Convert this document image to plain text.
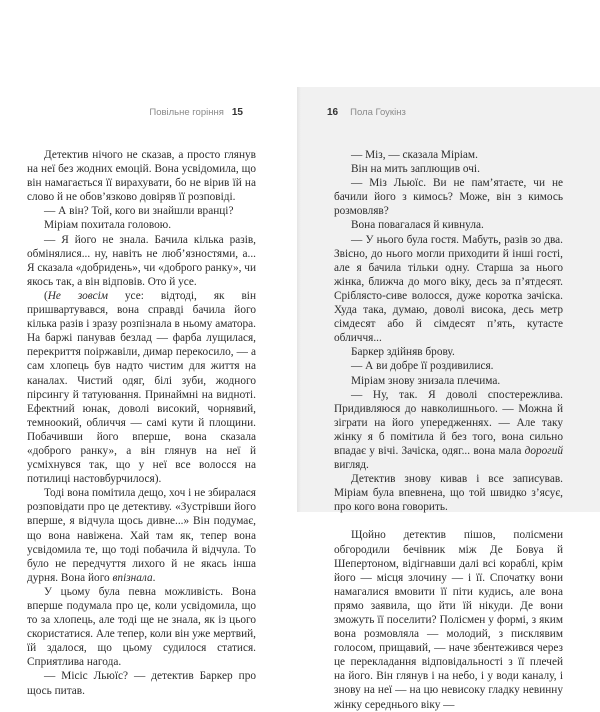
Повільне горіння 15

Детектив нічого не сказав, а просто глянув на неї без жодних емоцій. Вона усвідомила, що він намагається її вирахувати, бо не вірив їй на слово й не обов’язково довіряв її розповіді.

— А він? Той, кого ви знайшли вранці?

Міріам похитала головою.

— Я його не знала. Бачила кілька разів, обмінялися... ну, навіть не люб’язностями, а... Я сказала «добридень», чи «доброго ранку», чи якось так, а він відповів. Ото й усе.

(Не зовсім усе: відтоді, як він пришвартувався, вона справді бачила його кілька разів і зразу розпізнала в ньому аматора. На баржі панував безлад — фарба лущилася, перекриття поіржавіли, димар перекосило, — а сам хлопець був надто чистим для життя на каналах. Чистий одяг, білі зуби, жодного пірсингу й татуювання. Принаймні на видноті. Ефектний юнак, доволі високий, чорнявий, темноокий, обличчя — самі кути й площини. Побачивши його вперше, вона сказала «доброго ранку», а він глянув на неї й усміхнувся так, що у неї все волосся на потилиці настовбурчилося).

Тоді вона помітила дещо, хоч і не збиралася розповідати про це детективу. «Зустрівши його вперше, я відчула щось дивне...» Він подумає, що вона навіжена. Хай там як, тепер вона усвідомила те, що тоді побачила й відчула. То було не передчуття лихого й не якась інша дурня. Вона його впізнала.

У цьому була певна можливість. Вона вперше подумала про це, коли усвідомила, що то за хлопець, але тоді ще не знала, як із цього скористатися. Але тепер, коли він уже мертвий, їй здалося, що цьому судилося статися. Сприятлива нагода.

— Місіс Льюїс? — детектив Баркер про щось питав.

16 Пола Гоукінз

— Міз, — сказала Міріам.

Він на мить заплющив очі.

— Міз Льюїс. Ви не пам’ятаєте, чи не бачили його з кимось? Може, він з кимось розмовляв?

Вона повагалася й кивнула.

— У нього була гостя. Мабуть, разів зо два. Звісно, до нього могли приходити й інші гості, але я бачила тільки одну. Старша за нього жінка, ближча до мого віку, десь за п’ятдесят. Сріблясто-сиве волосся, дуже коротка зачіска. Худа така, думаю, доволі висока, десь метр сімдесят або й сімдесят п’ять, кутасте обличчя...

Баркер здійняв брову.

— А ви добре її роздивилися.

Міріам знову знизала плечима.

— Ну, так. Я доволі спостережлива. Придивляюся до навколишнього. — Можна й зіграти на його упередженнях. — Але таку жінку я б помітила й без того, вона сильно впадає у вічі. Зачіска, одяг... вона мала дорогий вигляд.

Детектив знову кивав і все записував. Міріам була впевнена, що той швидко з’ясує, про кого вона говорить.

Щойно детектив пішов, полісмени обгородили бечівник між Де Бовуа й Шепертоном, відігнавши далі всі кораблі, крім його — місця злочину — і її. Спочатку вони намагалися вмовити її піти кудись, але вона прямо заявила, що йти їй нікуди. Де вони зможуть її поселити? Полісмен у формі, з яким вона розмовляла — молодий, з писклявим голосом, прищавий, — наче збентежився через це перекладання відповідальності з її плечей на його. Він глянув і на небо, і у води каналу, і знову на неї — на цю невисоку гладку невинну жінку середнього віку —
